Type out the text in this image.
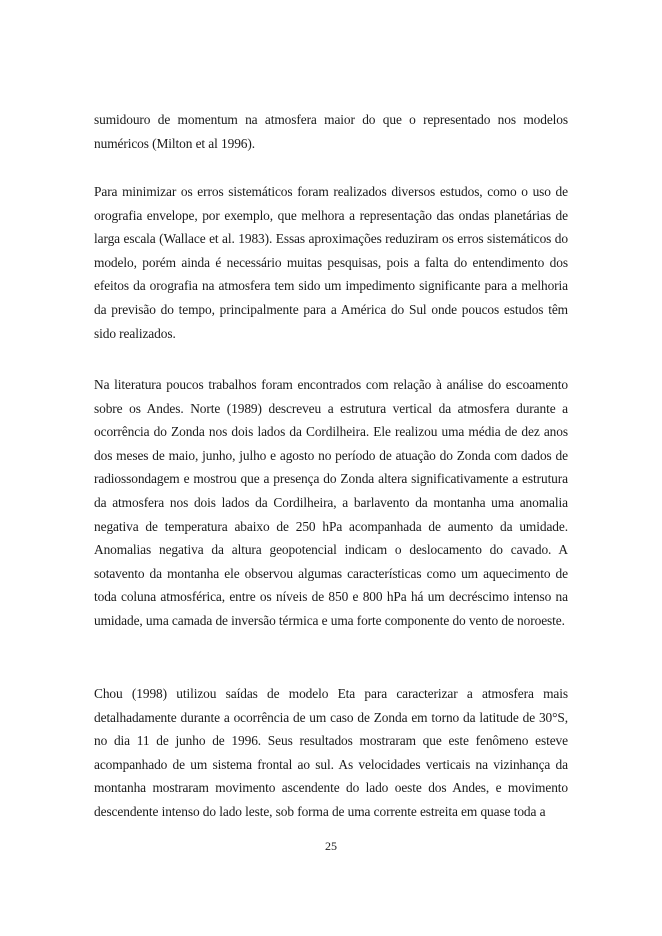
sumidouro de momentum na atmosfera maior do que o representado nos modelos numéricos (Milton et al 1996).

Para minimizar os erros sistemáticos foram realizados diversos estudos, como o uso de orografia envelope, por exemplo, que melhora a representação das ondas planetárias de larga escala (Wallace et al. 1983). Essas aproximações reduziram os erros sistemáticos do modelo, porém ainda é necessário muitas pesquisas, pois a falta do entendimento dos efeitos da orografia na atmosfera tem sido um impedimento significante para a melhoria da previsão do tempo, principalmente para a América do Sul onde poucos estudos têm sido realizados.

Na literatura poucos trabalhos foram encontrados com relação à análise do escoamento sobre os Andes. Norte (1989) descreveu a estrutura vertical da atmosfera durante a ocorrência do Zonda nos dois lados da Cordilheira. Ele realizou uma média de dez anos dos meses de maio, junho, julho e agosto no período de atuação do Zonda com dados de radiossondagem e mostrou que a presença do Zonda altera significativamente a estrutura da atmosfera nos dois lados da Cordilheira, a barlavento da montanha uma anomalia negativa de temperatura abaixo de 250 hPa acompanhada de aumento da umidade. Anomalias negativa da altura geopotencial indicam o deslocamento do cavado. A sotavento da montanha ele observou algumas características como um aquecimento de toda coluna atmosférica, entre os níveis de 850 e 800 hPa há um decréscimo intenso na umidade, uma camada de inversão térmica e uma forte componente do vento de noroeste.

Chou (1998) utilizou saídas de modelo Eta para caracterizar a atmosfera mais detalhadamente durante a ocorrência de um caso de Zonda em torno da latitude de 30°S, no dia 11 de junho de 1996. Seus resultados mostraram que este fenômeno esteve acompanhado de um sistema frontal ao sul. As velocidades verticais na vizinhança da montanha mostraram movimento ascendente do lado oeste dos Andes, e movimento descendente intenso do lado leste, sob forma de uma corrente estreita em quase toda a

25
